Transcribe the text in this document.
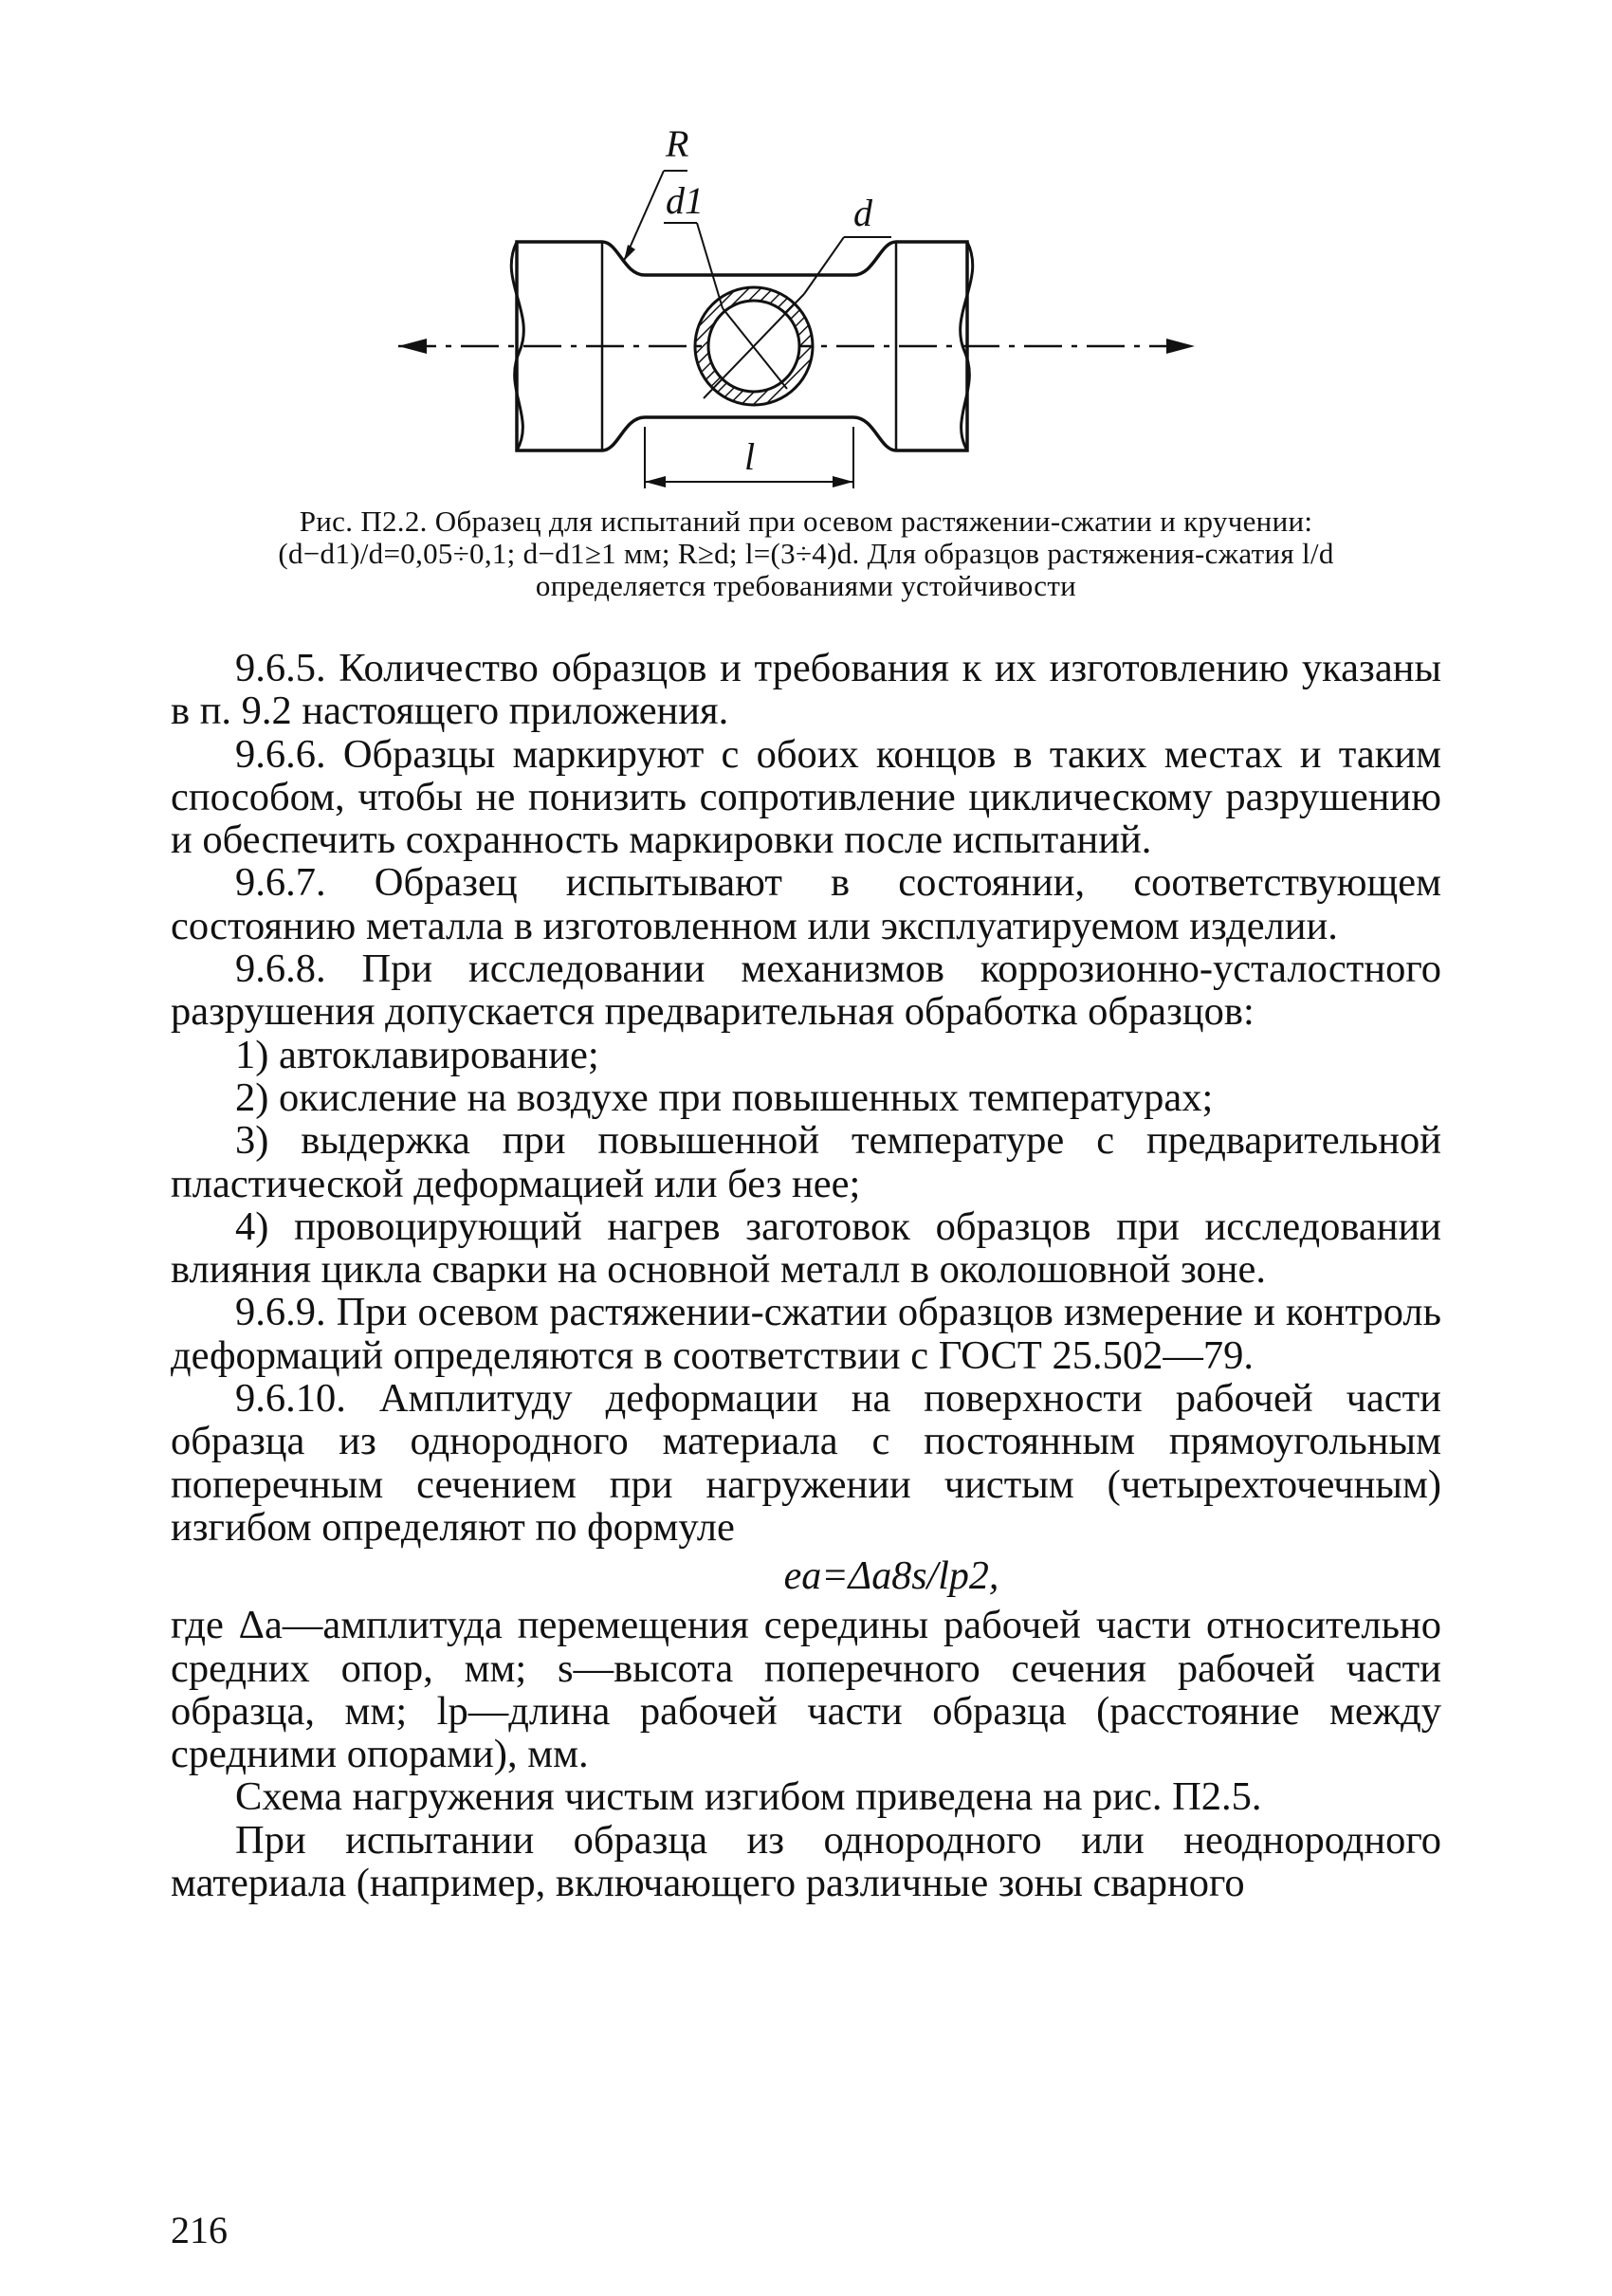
R
d1	d
l
Рис. П2.2. Образец для испытаний при осевом растяжении-сжатии и кручении:
(d−d1)/d=0,05÷0,1; d−d1≥1 мм; R≥d; l=(3÷4)d. Для образцов растяжения-сжатия l/d
определяется требованиями устойчивости

9.6.5. Количество образцов и требования к их изготовлению указаны в п. 9.2 настоящего приложения.

9.6.6. Образцы маркируют с обоих концов в таких местах и таким способом, чтобы не понизить сопротивление циклическому разрушению и обеспечить сохранность маркировки после испытаний.

9.6.7. Образец испытывают в состоянии, соответствующем состоянию металла в изготовленном или эксплуатируемом изделии.

9.6.8. При исследовании механизмов коррозионно-усталостного разрушения допускается предварительная обработка образцов:

1) автоклавирование;

2) окисление на воздухе при повышенных температурах;

3) выдержка при повышенной температуре с предварительной пластической деформацией или без нее;

4) провоцирующий нагрев заготовок образцов при исследовании влияния цикла сварки на основной металл в околошовной зоне.

9.6.9. При осевом растяжении-сжатии образцов измерение и контроль деформаций определяются в соответствии с ГОСТ 25.502—79.

9.6.10. Амплитуду деформации на поверхности рабочей части образца из однородного материала с постоянным прямоугольным поперечным сечением при нагружении чистым (четырехточечным) изгибом определяют по формуле

ea=Δa8s/lp2,

где Δa—амплитуда перемещения середины рабочей части относительно средних опор, мм; s—высота поперечного сечения рабочей части образца, мм; lp—длина рабочей части образца (расстояние между средними опорами), мм.

Схема нагружения чистым изгибом приведена на рис. П2.5.

При испытании образца из однородного или неоднородного материала (например, включающего различные зоны сварного

216
